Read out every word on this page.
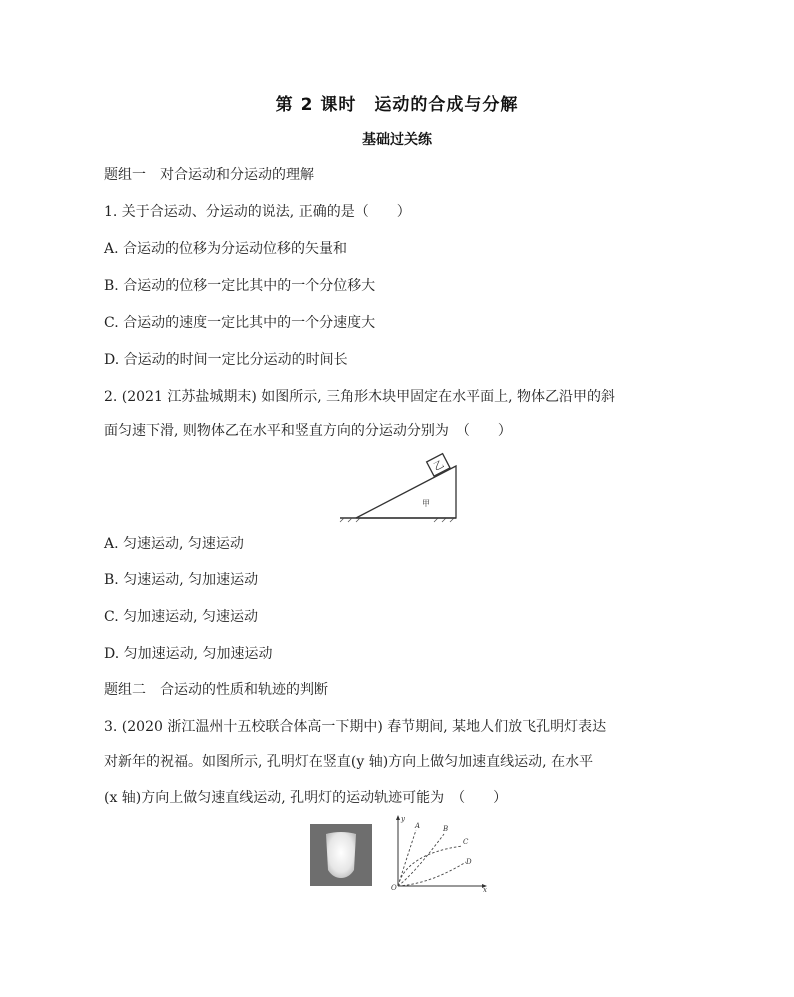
第 2 课时　运动的合成与分解
基础过关练
题组一　对合运动和分运动的理解
1. 关于合运动、分运动的说法, 正确的是（　　）
A. 合运动的位移为分运动位移的矢量和
B. 合运动的位移一定比其中的一个分位移大
C. 合运动的速度一定比其中的一个分速度大
D. 合运动的时间一定比分运动的时间长
2. (2021 江苏盐城期末) 如图所示, 三角形木块甲固定在水平面上, 物体乙沿甲的斜
面匀速下滑, 则物体乙在水平和竖直方向的分运动分别为　（　　）
乙
甲
A. 匀速运动, 匀速运动
B. 匀速运动, 匀加速运动
C. 匀加速运动, 匀速运动
D. 匀加速运动, 匀加速运动
题组二　合运动的性质和轨迹的判断
3. (2020 浙江温州十五校联合体高一下期中) 春节期间, 某地人们放飞孔明灯表达
对新年的祝福。如图所示, 孔明灯在竖直(y 轴)方向上做匀加速直线运动, 在水平
(x 轴)方向上做匀速直线运动, 孔明灯的运动轨迹可能为　（　　）
y
x
O
A	B
C
D
